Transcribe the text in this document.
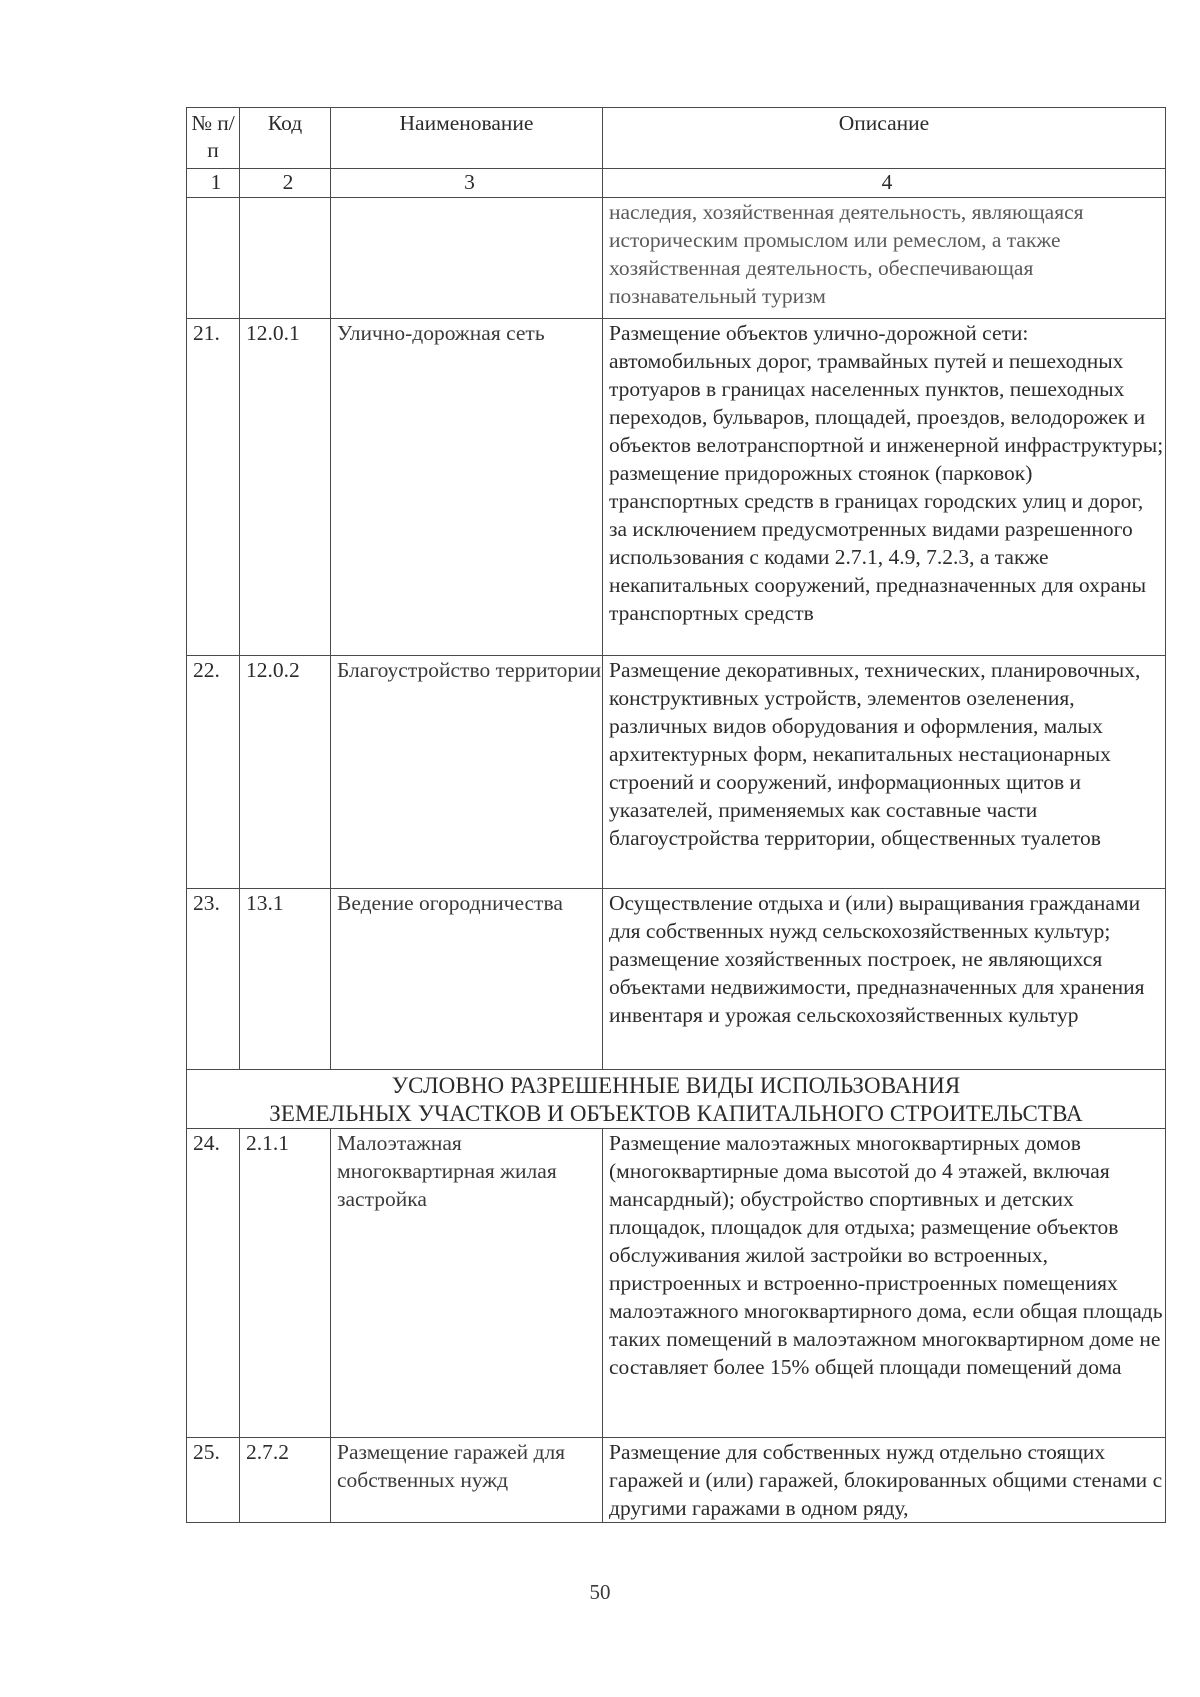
№ п/п	Код	Наименование	Описание
1	2	3	4
			наследия, хозяйственная деятельность, являющаяся историческим промыслом или ремеслом, а также хозяйственная деятельность, обеспечивающая познавательный туризм
21.	12.0.1	Улично-дорожная сеть	Размещение объектов улично-дорожной сети: автомобильных дорог, трамвайных путей и пешеходных тротуаров в границах населенных пунктов, пешеходных переходов, бульваров, площадей, проездов, велодорожек и объектов велотранспортной и инженерной инфраструктуры; размещение придорожных стоянок (парковок) транспортных средств в границах городских улиц и дорог, за исключением предусмотренных видами разрешенного использования с кодами 2.7.1, 4.9, 7.2.3, а также некапитальных сооружений, предназначенных для охраны транспортных средств
22.	12.0.2	Благоустройство территории	Размещение декоративных, технических, планировочных, конструктивных устройств, элементов озеленения, различных видов оборудования и оформления, малых архитектурных форм, некапитальных нестационарных строений и сооружений, информационных щитов и указателей, применяемых как составные части благоустройства территории, общественных туалетов
23.	13.1	Ведение огородничества	Осуществление отдыха и (или) выращивания гражданами для собственных нужд сельскохозяйственных культур; размещение хозяйственных построек, не являющихся объектами недвижимости, предназначенных для хранения инвентаря и урожая сельскохозяйственных культур

УСЛОВНО РАЗРЕШЕННЫЕ ВИДЫ ИСПОЛЬЗОВАНИЯ
ЗЕМЕЛЬНЫХ УЧАСТКОВ И ОБЪЕКТОВ КАПИТАЛЬНОГО СТРОИТЕЛЬСТВА			

24.	2.1.1	Малоэтажная многоквартирная жилая застройка	Размещение малоэтажных многоквартирных домов (многоквартирные дома высотой до 4 этажей, включая мансардный); обустройство спортивных и детских площадок, площадок для отдыха; размещение объектов обслуживания жилой застройки во встроенных, пристроенных и встроенно-пристроенных помещениях малоэтажного многоквартирного дома, если общая площадь таких помещений в малоэтажном многоквартирном доме не составляет более 15% общей площади помещений дома
25.	2.7.2	Размещение гаражей для собственных нужд	Размещение для собственных нужд отдельно стоящих гаражей и (или) гаражей, блокированных общими стенами с другими гаражами в одном ряду,
50
